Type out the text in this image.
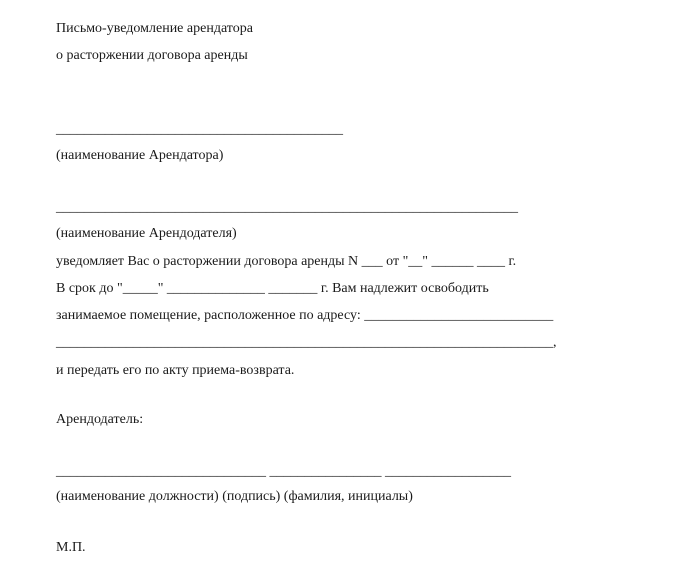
Письмо-уведомление арендатора
о расторжении договора аренды
_________________________________________
(наименование Арендатора)
__________________________________________________________________
(наименование Арендодателя)
уведомляет Вас о расторжении договора аренды N ___ от "__" ______ ____ г.
В срок до "_____" ______________ _______ г. Вам надлежит освободить
занимаемое помещение, расположенное по адресу: ___________________________
_______________________________________________________________________,
и передать его по акту приема-возврата.
Арендодатель:
______________________________ ________________ __________________
(наименование должности) (подпись) (фамилия, инициалы)
М.П.
